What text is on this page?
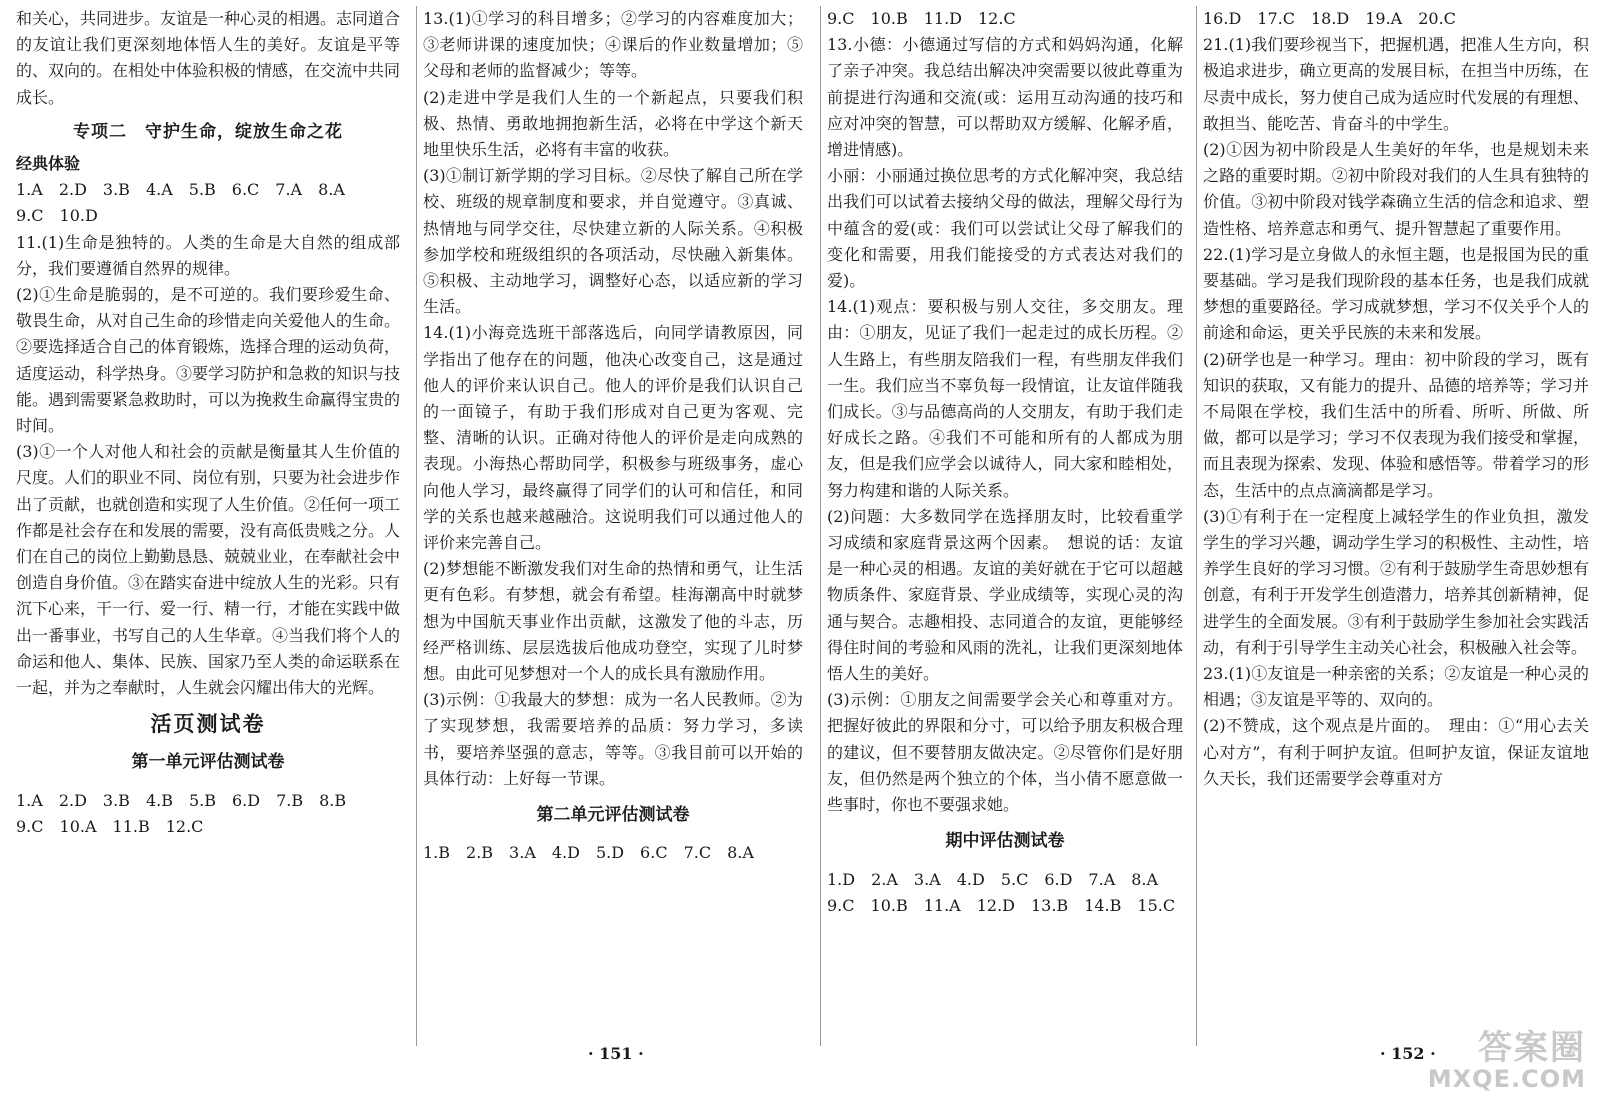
和关心，共同进步。友谊是一种心灵的相遇。志同道合的友谊让我们更深刻地体悟人生的美好。友谊是平等的、双向的。在相处中体验积极的情感，在交流中共同成长。

专项二　守护生命，绽放生命之花

经典体验

1.A　2.D　3.B　4.A　5.B　6.C　7.A　8.A

9.C　10.D

11.(1)生命是独特的。人类的生命是大自然的组成部分，我们要遵循自然界的规律。

(2)①生命是脆弱的，是不可逆的。我们要珍爱生命、敬畏生命，从对自己生命的珍惜走向关爱他人的生命。②要选择适合自己的体育锻炼，选择合理的运动负荷，适度运动，科学热身。③要学习防护和急救的知识与技能。遇到需要紧急救助时，可以为挽救生命赢得宝贵的时间。

(3)①一个人对他人和社会的贡献是衡量其人生价值的尺度。人们的职业不同、岗位有别，只要为社会进步作出了贡献，也就创造和实现了人生价值。②任何一项工作都是社会存在和发展的需要，没有高低贵贱之分。人们在自己的岗位上勤勤恳恳、兢兢业业，在奉献社会中创造自身价值。③在踏实奋进中绽放人生的光彩。只有沉下心来，干一行、爱一行、精一行，才能在实践中做出一番事业，书写自己的人生华章。④当我们将个人的命运和他人、集体、民族、国家乃至人类的命运联系在一起，并为之奉献时，人生就会闪耀出伟大的光辉。

活页测试卷

第一单元评估测试卷

1.A　2.D　3.B　4.B　5.B　6.D　7.B　8.B

9.C　10.A　11.B　12.C

13.(1)①学习的科目增多；②学习的内容难度加大；③老师讲课的速度加快；④课后的作业数量增加；⑤父母和老师的监督减少；等等。

(2)走进中学是我们人生的一个新起点，只要我们积极、热情、勇敢地拥抱新生活，必将在中学这个新天地里快乐生活，必将有丰富的收获。

(3)①制订新学期的学习目标。②尽快了解自己所在学校、班级的规章制度和要求，并自觉遵守。③真诚、热情地与同学交往，尽快建立新的人际关系。④积极参加学校和班级组织的各项活动，尽快融入新集体。⑤积极、主动地学习，调整好心态，以适应新的学习生活。

14.(1)小海竞选班干部落选后，向同学请教原因，同学指出了他存在的问题，他决心改变自己，这是通过他人的评价来认识自己。他人的评价是我们认识自己的一面镜子，有助于我们形成对自己更为客观、完整、清晰的认识。正确对待他人的评价是走向成熟的表现。小海热心帮助同学，积极参与班级事务，虚心向他人学习，最终赢得了同学们的认可和信任，和同学的关系也越来越融洽。这说明我们可以通过他人的评价来完善自己。

(2)梦想能不断激发我们对生命的热情和勇气，让生活更有色彩。有梦想，就会有希望。桂海潮高中时就梦想为中国航天事业作出贡献，这激发了他的斗志，历经严格训练、层层选拔后他成功登空，实现了儿时梦想。由此可见梦想对一个人的成长具有激励作用。

(3)示例：①我最大的梦想：成为一名人民教师。②为了实现梦想，我需要培养的品质：努力学习，多读书，要培养坚强的意志，等等。③我目前可以开始的具体行动：上好每一节课。

第二单元评估测试卷

1.B　2.B　3.A　4.D　5.D　6.C　7.C　8.A

9.C　10.B　11.D　12.C

13.小德：小德通过写信的方式和妈妈沟通，化解了亲子冲突。我总结出解决冲突需要以彼此尊重为前提进行沟通和交流(或：运用互动沟通的技巧和应对冲突的智慧，可以帮助双方缓解、化解矛盾，增进情感)。

小丽：小丽通过换位思考的方式化解冲突，我总结出我们可以试着去接纳父母的做法，理解父母行为中蕴含的爱(或：我们可以尝试让父母了解我们的变化和需要，用我们能接受的方式表达对我们的爱)。

14.(1)观点：要积极与别人交往，多交朋友。理由：①朋友，见证了我们一起走过的成长历程。②人生路上，有些朋友陪我们一程，有些朋友伴我们一生。我们应当不辜负每一段情谊，让友谊伴随我们成长。③与品德高尚的人交朋友，有助于我们走好成长之路。④我们不可能和所有的人都成为朋友，但是我们应学会以诚待人，同大家和睦相处，努力构建和谐的人际关系。

(2)问题：大多数同学在选择朋友时，比较看重学习成绩和家庭背景这两个因素。　想说的话：友谊是一种心灵的相遇。友谊的美好就在于它可以超越物质条件、家庭背景、学业成绩等，实现心灵的沟通与契合。志趣相投、志同道合的友谊，更能够经得住时间的考验和风雨的洗礼，让我们更深刻地体悟人生的美好。

(3)示例：①朋友之间需要学会关心和尊重对方。把握好彼此的界限和分寸，可以给予朋友积极合理的建议，但不要替朋友做决定。②尽管你们是好朋友，但仍然是两个独立的个体，当小倩不愿意做一些事时，你也不要强求她。

期中评估测试卷

1.D　2.A　3.A　4.D　5.C　6.D　7.A　8.A

9.C　10.B　11.A　12.D　13.B　14.B　15.C

16.D　17.C　18.D　19.A　20.C

21.(1)我们要珍视当下，把握机遇，把准人生方向，积极追求进步，确立更高的发展目标，在担当中历练，在尽责中成长，努力使自己成为适应时代发展的有理想、敢担当、能吃苦、肯奋斗的中学生。

(2)①因为初中阶段是人生美好的年华，也是规划未来之路的重要时期。②初中阶段对我们的人生具有独特的价值。③初中阶段对钱学森确立生活的信念和追求、塑造性格、培养意志和勇气、提升智慧起了重要作用。

22.(1)学习是立身做人的永恒主题，也是报国为民的重要基础。学习是我们现阶段的基本任务，也是我们成就梦想的重要路径。学习成就梦想，学习不仅关乎个人的前途和命运，更关乎民族的未来和发展。

(2)研学也是一种学习。理由：初中阶段的学习，既有知识的获取，又有能力的提升、品德的培养等；学习并不局限在学校，我们生活中的所看、所听、所做、所做，都可以是学习；学习不仅表现为我们接受和掌握，而且表现为探索、发现、体验和感悟等。带着学习的形态，生活中的点点滴滴都是学习。

(3)①有利于在一定程度上减轻学生的作业负担，激发学生的学习兴趣，调动学生学习的积极性、主动性，培养学生良好的学习习惯。②有利于鼓励学生奇思妙想有创意，有利于开发学生创造潜力，培养其创新精神，促进学生的全面发展。③有利于鼓励学生参加社会实践活动，有利于引导学生主动关心社会，积极融入社会等。

23.(1)①友谊是一种亲密的关系；②友谊是一种心灵的相遇；③友谊是平等的、双向的。

(2)不赞成，这个观点是片面的。　理由：①“用心去关心对方”，有利于呵护友谊。但呵护友谊，保证友谊地久天长，我们还需要学会尊重对方

· 151 ·	· 152 ·	答案圈
MXQE.COM
